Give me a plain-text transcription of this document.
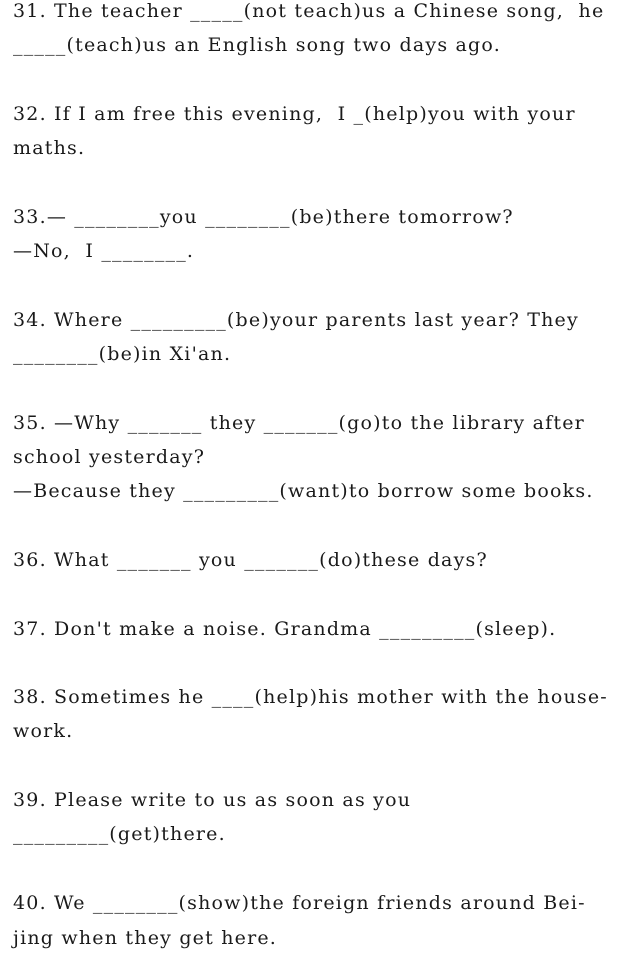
31. The teacher _____(not teach)us a Chinese song,  he
_____(teach)us an English song two days ago.
32. If I am free this evening,  I _(help)you with your
maths.
33.— ________you ________(be)there tomorrow?
—No,  I ________.
34. Where _________(be)your parents last year? They
________(be)in Xi'an.
35. —Why _______ they _______(go)to the library after
school yesterday?
—Because they _________(want)to borrow some books.
36. What _______ you _______(do)these days?
37. Don't make a noise. Grandma _________(sleep).
38. Sometimes he ____(help)his mother with the house-
work.
39. Please write to us as soon as you
_________(get)there.
40. We ________(show)the foreign friends around Bei-
jing when they get here.
